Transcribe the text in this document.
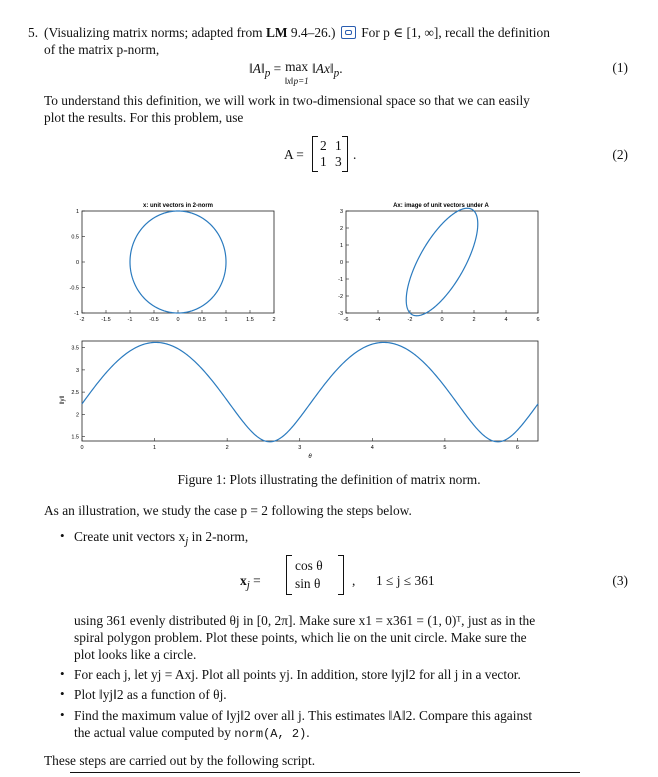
5. (Visualizing matrix norms; adapted from LM 9.4–26.) For p ∈ [1, ∞], recall the definition
of the matrix p-norm,
$‖A‖_p = \max$
‖x‖p=1 $‖Ax‖_p$.	(1)
To understand this definition, we will work in two-dimensional space so that we can easily
plot the results. For this problem, use
A =
2 1
1 3 .	(2)
x: unit vectors in 2-norm
-2	-1.5	-1	-0.5	0	0.5	1	1.5	2
1
0.5
0
-0.5
-1
Ax: image of unit vectors under A
-6	-4	-2	0	2	4	6
3
2
1
0
-1
-2
-3
‖y‖
θ
0	1	2	3	4	5	6
3.5
3
2.5
2
1.5
Figure 1: Plots illustrating the definition of matrix norm.
As an illustration, we study the case p = 2 following the steps below.
• Create unit vectors $x_j$ in 2-norm,
$x_j$ =
cos θ
sin θ , 1 ≤ j ≤ 361	(3)
using 361 evenly distributed θj in [0, 2π]. Make sure x1 = x361 = (1, 0)ᵀ, just as in the
spiral polygon problem. Plot these points, which lie on the unit circle. Make sure the
plot looks like a circle.
• For each j, let yj = Axj. Plot all points yj. In addition, store ‖yj‖2 for all j in a vector.
• Plot ‖yj‖2 as a function of θj.
• Find the maximum value of ‖yj‖2 over all j. This estimates ‖A‖2. Compare this against
the actual value computed by norm(A, 2).
These steps are carried out by the following script.
